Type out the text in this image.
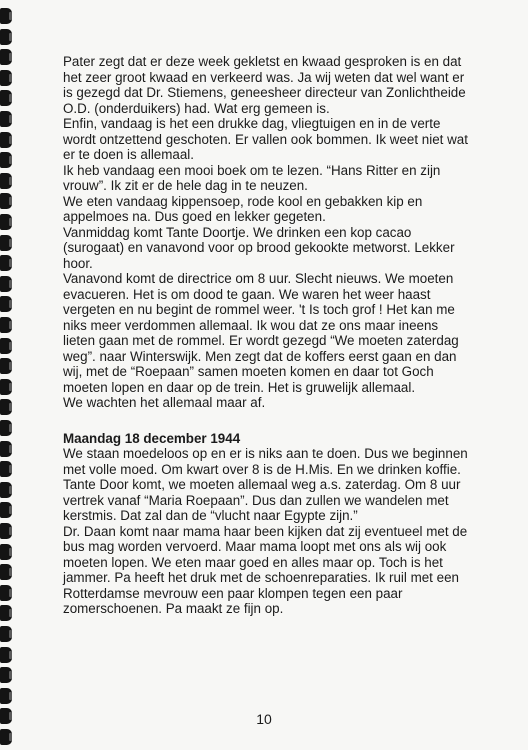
Pater zegt dat er deze week gekletst en kwaad gesproken is en dat
het zeer groot kwaad en verkeerd was. Ja wij weten dat wel want er
is gezegd dat Dr. Stiemens, geneesheer directeur van Zonlichtheide
O.D. (onderduikers) had. Wat erg gemeen is.
Enfin, vandaag is het een drukke dag, vliegtuigen en in de verte
wordt ontzettend geschoten. Er vallen ook bommen. Ik weet niet wat
er te doen is allemaal.
Ik heb vandaag een mooi boek om te lezen. “Hans Ritter en zijn
vrouw”. Ik zit er de hele dag in te neuzen.
We eten vandaag kippensoep, rode kool en gebakken kip en
appelmoes na. Dus goed en lekker gegeten.
Vanmiddag komt Tante Doortje. We drinken een kop cacao
(surogaat) en vanavond voor op brood gekookte metworst. Lekker
hoor.
Vanavond komt de directrice om 8 uur. Slecht nieuws. We moeten
evacueren. Het is om dood te gaan. We waren het weer haast
vergeten en nu begint de rommel weer. 't Is toch grof ! Het kan me
niks meer verdommen allemaal. Ik wou dat ze ons maar ineens
lieten gaan met de rommel. Er wordt gezegd “We moeten zaterdag
weg”. naar Winterswijk. Men zegt dat de koffers eerst gaan en dan
wij, met de “Roepaan” samen moeten komen en daar tot Goch
moeten lopen en daar op de trein. Het is gruwelijk allemaal.
We wachten het allemaal maar af.
Maandag 18 december 1944
We staan moedeloos op en er is niks aan te doen. Dus we beginnen
met volle moed. Om kwart over 8 is de H.Mis. En we drinken koffie.
Tante Door komt, we moeten allemaal weg a.s. zaterdag. Om 8 uur
vertrek vanaf “Maria Roepaan”. Dus dan zullen we wandelen met
kerstmis. Dat zal dan de “vlucht naar Egypte zijn.”
Dr. Daan komt naar mama haar been kijken dat zij eventueel met de
bus mag worden vervoerd. Maar mama loopt met ons als wij ook
moeten lopen. We eten maar goed en alles maar op. Toch is het
jammer. Pa heeft het druk met de schoenreparaties. Ik ruil met een
Rotterdamse mevrouw een paar klompen tegen een paar
zomerschoenen. Pa maakt ze fijn op.
10
